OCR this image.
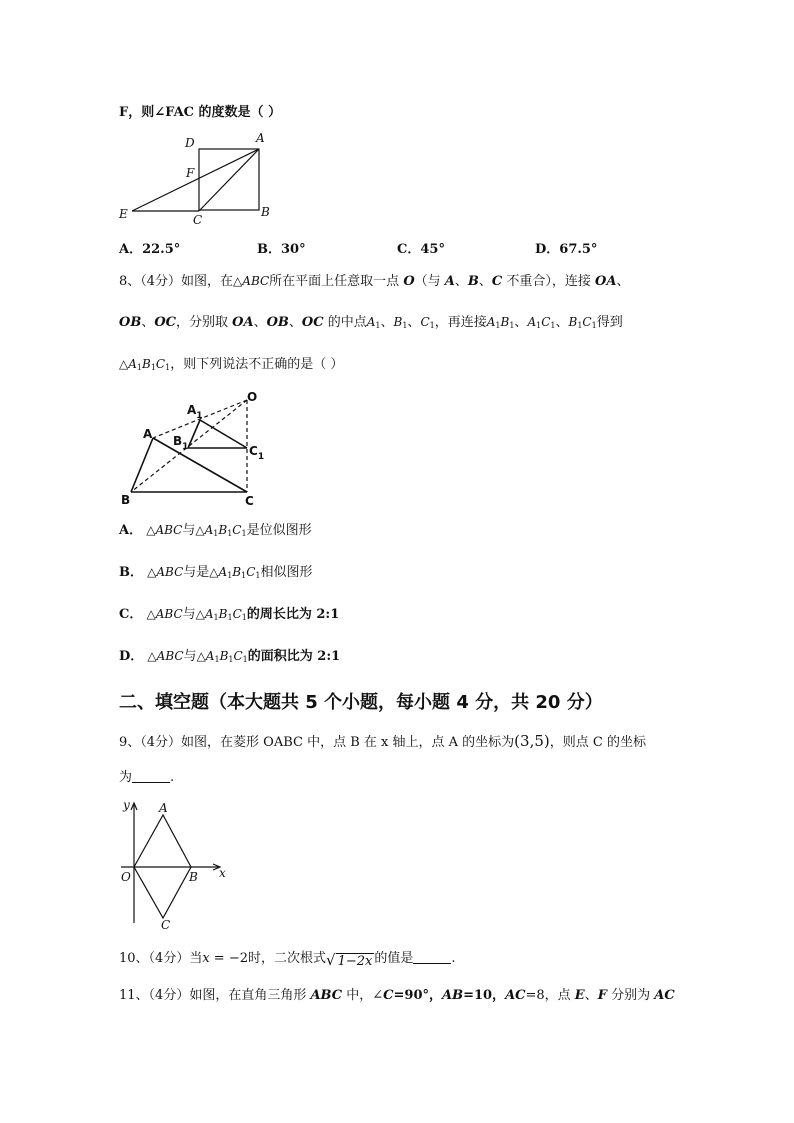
F，则∠FAC 的度数是（ ）
D	A
F
E	C
B
A．22.5°	B．30°	C．45°	D．67.5°
8、（4分）如图，在△ABC所在平面上任意取一点 O（与 A、B、C 不重合），连接 OA、
OB、OC，分别取 OA、OB、OC 的中点$A_1$、$B_1$、$C_1$，再连接$A_1B_1$、$A_1C_1$、$B_1C_1$得到
$\triangle A_1B_1C_1$，则下列说法不正确的是（ ）
O
$A_1$
A $B_1$	$C_1$
B	C
A． △ABC与$\triangle A_1B_1C_1$是位似图形
B． △ABC与是$\triangle A_1B_1C_1$相似图形
C． △ABC与$\triangle A_1B_1C_1$的周长比为 2:1
D． △ABC与$\triangle A_1B_1C_1$的面积比为 2:1
二、填空题（本大题共 5 个小题，每小题 4 分，共 20 分）
9、（4分）如图，在菱形 OABC 中，点 B 在 x 轴上，点 A 的坐标为(3,5)，则点 C 的坐标
为	.
y A
O	B x
C
10、（4分）当x = −2时，二次根式√ 1−2x 的值是	.
11、（4分）如图，在直角三角形 ABC 中，∠C=90°，AB=10，AC=8，点 E、F 分别为 AC
